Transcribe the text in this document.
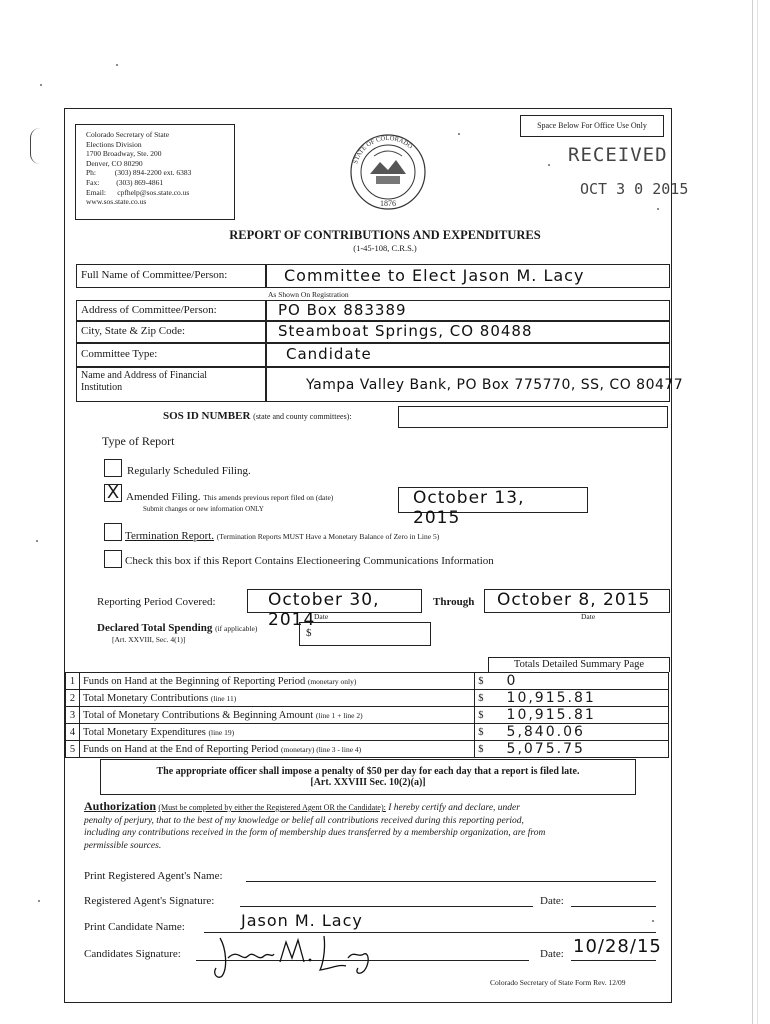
Colorado Secretary of State
Elections Division
1700 Broadway, Ste. 200
Denver, CO 80290
Ph:          (303) 894-2200 ext. 6383
Fax:         (303) 869-4861
Email:      cpfhelp@sos.state.co.us
www.sos.state.co.us	1876
STATE OF COLORADO
Space Below For Office Use Only
RECEIVED
OCT 3 0 2015
REPORT OF CONTRIBUTIONS AND EXPENDITURES
(1-45-108, C.R.S.)
Full Name of Committee/Person:	Committee to Elect Jason M. Lacy
As Shown On Registration
Address of Committee/Person:	PO Box 883389
City, State & Zip Code:	Steamboat Springs, CO 80488
Committee Type:	Candidate
Name and Address of Financial
Institution	Yampa Valley Bank, PO Box 775770, SS, CO 80477
SOS ID NUMBER (state and county committees):
Type of Report
Regularly Scheduled Filing.
X Amended Filing. This amends previous report filed on (date)
Submit changes or new information ONLY
October 13, 2015
Termination Report. (Termination Reports MUST Have a Monetary Balance of Zero in Line 5)
Check this box if this Report Contains Electioneering Communications Information
Reporting Period Covered:	October 30, 2014
Date
Through	October 8, 2015
Date
Declared Total Spending (if applicable)
[Art. XXVIII, Sec. 4(1)]
$
Totals Detailed Summary Page
1	Funds on Hand at the Beginning of Reporting Period (monetary only)	$	0
2	Total Monetary Contributions (line 11)	$	10,915.81
3	Total of Monetary Contributions & Beginning Amount (line 1 + line 2)	$	10,915.81
4	Total Monetary Expenditures (line 19)	$	5,840.06
5	Funds on Hand at the End of Reporting Period (monetary) (line 3 - line 4)	$	5,075.75
The appropriate officer shall impose a penalty of $50 per day for each day that a report is filed late.
[Art. XXVIII Sec. 10(2)(a)]
Authorization (Must be completed by either the Registered Agent OR the Candidate): I hereby certify and declare, under
penalty of perjury, that to the best of my knowledge or belief all contributions received during this reporting period,
including any contributions received in the form of membership dues transferred by a membership organization, are from
permissible sources.
Print Registered Agent's Name:
Registered Agent's Signature:	Date:
Print Candidate Name:	Jason M. Lacy
Candidates Signature:	Date: 10/28/15
Colorado Secretary of State Form Rev. 12/09
